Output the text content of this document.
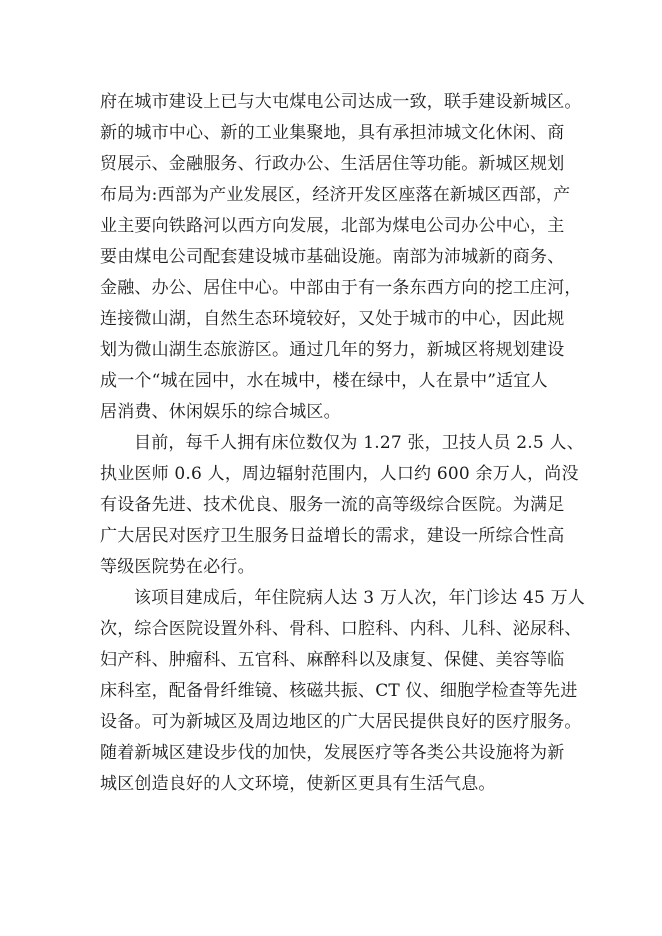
府在城市建设上已与大屯煤电公司达成一致，联手建设新城区。
新的城市中心、新的工业集聚地，具有承担沛城文化休闲、商
贸展示、金融服务、行政办公、生活居住等功能。新城区规划
布局为:西部为产业发展区，经济开发区座落在新城区西部，产
业主要向铁路河以西方向发展，北部为煤电公司办公中心，主
要由煤电公司配套建设城市基础设施。南部为沛城新的商务、
金融、办公、居住中心。中部由于有一条东西方向的挖工庄河，
连接微山湖，自然生态环境较好，又处于城市的中心，因此规
划为微山湖生态旅游区。通过几年的努力，新城区将规划建设
成一个“城在园中，水在城中，楼在绿中，人在景中”适宜人
居消费、休闲娱乐的综合城区。
目前，每千人拥有床位数仅为 1.27 张，卫技人员 2.5 人、
执业医师 0.6 人，周边辐射范围内，人口约 600 余万人，尚没
有设备先进、技术优良、服务一流的高等级综合医院。为满足
广大居民对医疗卫生服务日益增长的需求，建设一所综合性高
等级医院势在必行。
该项目建成后，年住院病人达 3 万人次，年门诊达 45 万人
次，综合医院设置外科、骨科、口腔科、内科、儿科、泌尿科、
妇产科、肿瘤科、五官科、麻醉科以及康复、保健、美容等临
床科室，配备骨纤维镜、核磁共振、CT 仪、细胞学检查等先进
设备。可为新城区及周边地区的广大居民提供良好的医疗服务。
随着新城区建设步伐的加快，发展医疗等各类公共设施将为新
城区创造良好的人文环境，使新区更具有生活气息。
